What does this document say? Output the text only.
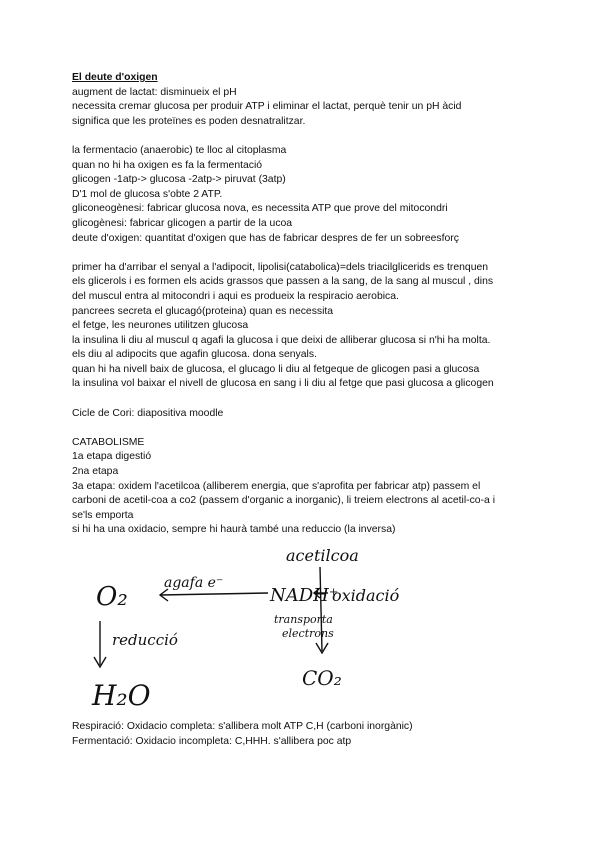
El deute d'oxigen
augment de lactat: disminueix el pH
necessita cremar glucosa per produir ATP i eliminar el lactat, perquè tenir un pH àcid
significa que les proteïnes es poden desnatralitzar.
la fermentacio (anaerobic) te lloc al citoplasma
quan no hi ha oxigen es fa la fermentació
glicogen -1atp-> glucosa -2atp-> piruvat (3atp)
D'1 mol de glucosa s'obte 2 ATP.
gliconeogènesi: fabricar glucosa nova, es necessita ATP que prove del mitocondri
glicogènesi: fabricar glicogen a partir de la ucoa
deute d'oxigen: quantitat d'oxigen que has de fabricar despres de fer un sobreesforç
primer ha d'arribar el senyal a l'adipocit, lipolisi(catabolica)=dels triacilglicerids es trenquen
els glicerols i es formen els acids grassos que passen a la sang, de la sang al muscul , dins
del muscul entra al mitocondri i aqui es produeix la respiracio aerobica.
pancrees secreta el glucagó(proteina) quan es necessita
el fetge, les neurones utilitzen glucosa
la insulina li diu al muscul q agafi la glucosa i que deixi de alliberar glucosa si n'hi ha molta.
els diu al adipocits que agafin glucosa. dona senyals.
quan hi ha nivell baix de glucosa, el glucago li diu al fetgeque de glicogen pasi a glucosa
la insulina vol baixar el nivell de glucosa en sang i li diu al fetge que pasi glucosa a glicogen
Cicle de Cori: diapositiva moodle
CATABOLISME
1a etapa digestió
2na etapa
3a etapa: oxidem l'acetilcoa (alliberem energia, que s'aprofita per fabricar atp) passem el
carboni de acetil-coa a co2 (passem d'organic a inorganic), li treiem electrons al acetil-co-a i
se'ls emporta
si hi ha una oxidacio, sempre hi haurà també una reduccio (la inversa)
O₂	agafa e⁻
NADH⁺
transporta
electrons
acetilcoa
oxidació
CO₂
reducció
H₂O
Respiració: Oxidacio completa: s'allibera molt ATP C,H (carboni inorgànic)
Fermentació: Oxidacio incompleta: C,HHH. s'allibera poc atp
